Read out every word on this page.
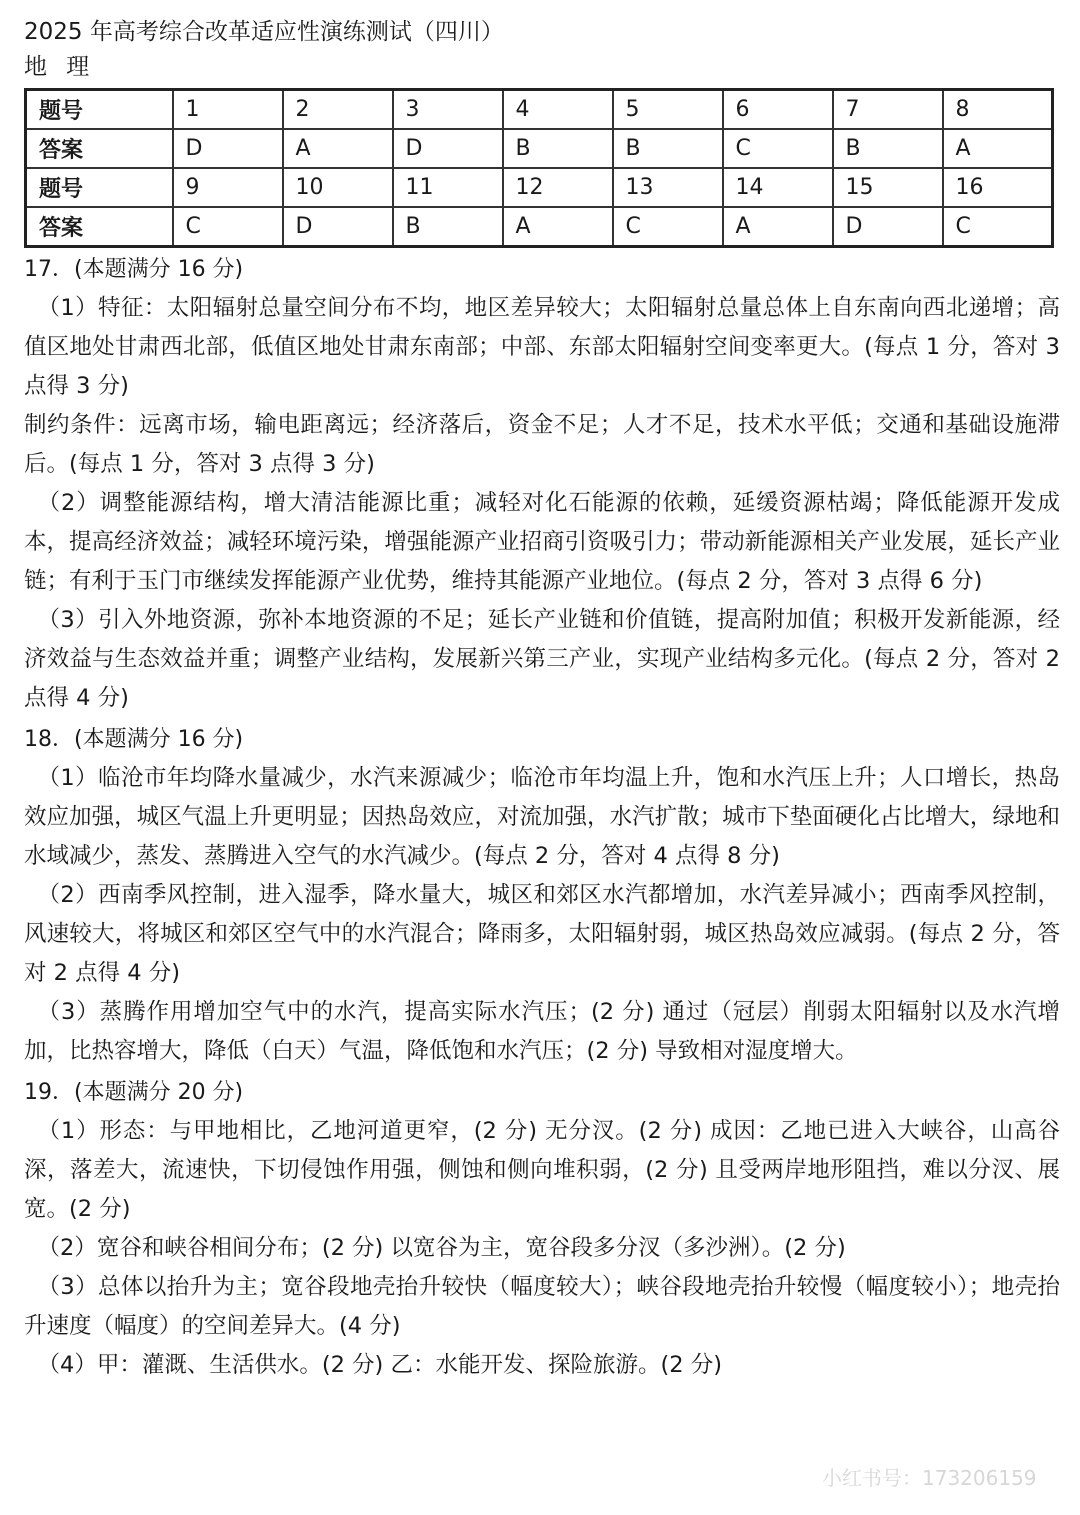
2025 年高考综合改革适应性演练测试（四川）
地 理
题号	1	2	3	4	5	6	7	8
答案	D	A	D	B	B	C	B	A
题号	9	10	11	12	13	14	15	16
答案	C	D	B	A	C	A	D	C
17．(本题满分 16 分)
（1）特征：太阳辐射总量空间分布不均，地区差异较大；太阳辐射总量总体上自东南向西北递增；高值区地处甘肃西北部，低值区地处甘肃东南部；中部、东部太阳辐射空间变率更大。(每点 1 分，答对 3 点得 3 分)
制约条件：远离市场，输电距离远；经济落后，资金不足；人才不足，技术水平低；交通和基础设施滞后。(每点 1 分，答对 3 点得 3 分)
（2）调整能源结构，增大清洁能源比重；减轻对化石能源的依赖，延缓资源枯竭；降低能源开发成本，提高经济效益；减轻环境污染，增强能源产业招商引资吸引力；带动新能源相关产业发展，延长产业链；有利于玉门市继续发挥能源产业优势，维持其能源产业地位。(每点 2 分，答对 3 点得 6 分)
（3）引入外地资源，弥补本地资源的不足；延长产业链和价值链，提高附加值；积极开发新能源，经济效益与生态效益并重；调整产业结构，发展新兴第三产业，实现产业结构多元化。(每点 2 分，答对 2 点得 4 分)
18．(本题满分 16 分)
（1）临沧市年均降水量减少，水汽来源减少；临沧市年均温上升，饱和水汽压上升；人口增长，热岛效应加强，城区气温上升更明显；因热岛效应，对流加强，水汽扩散；城市下垫面硬化占比增大，绿地和水域减少，蒸发、蒸腾进入空气的水汽减少。(每点 2 分，答对 4 点得 8 分)
（2）西南季风控制，进入湿季，降水量大，城区和郊区水汽都增加，水汽差异减小；西南季风控制，风速较大，将城区和郊区空气中的水汽混合；降雨多，太阳辐射弱，城区热岛效应减弱。(每点 2 分，答对 2 点得 4 分)
（3）蒸腾作用增加空气中的水汽，提高实际水汽压；(2 分) 通过（冠层）削弱太阳辐射以及水汽增加，比热容增大，降低（白天）气温，降低饱和水汽压；(2 分) 导致相对湿度增大。
19．(本题满分 20 分)
（1）形态：与甲地相比，乙地河道更窄，(2 分) 无分汊。(2 分) 成因：乙地已进入大峡谷，山高谷深，落差大，流速快，下切侵蚀作用强，侧蚀和侧向堆积弱，(2 分) 且受两岸地形阻挡，难以分汊、展宽。(2 分)
（2）宽谷和峡谷相间分布；(2 分) 以宽谷为主，宽谷段多分汊（多沙洲）。(2 分)
（3）总体以抬升为主；宽谷段地壳抬升较快（幅度较大）；峡谷段地壳抬升较慢（幅度较小）；地壳抬升速度（幅度）的空间差异大。(4 分)
（4）甲：灌溉、生活供水。(2 分) 乙：水能开发、探险旅游。(2 分)
小红书号：173206159
